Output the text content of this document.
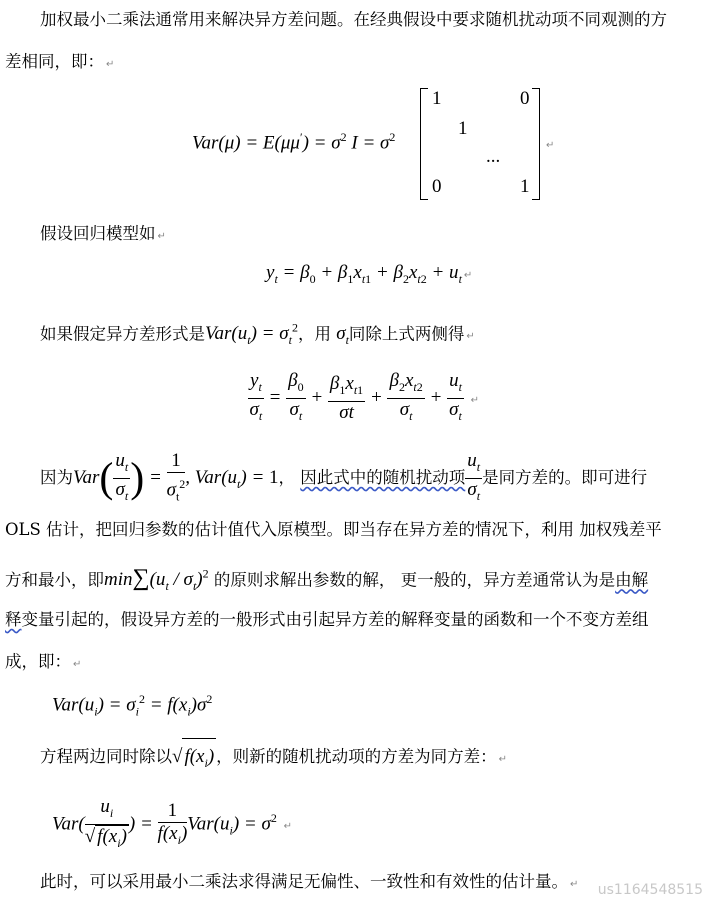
加权最小二乘法通常用来解决异方差问题。在经典假设中要求随机扰动项不同观测的方
差相同，即： ↵
$Var(\mu) = E(\mu\mu') = \sigma^2$ $I = \sigma^2$
1	0
1
...
0	1
↵
假设回归模型如 ↵
$y_t = \beta_0 + \beta_1x_{t1} + \beta_2x_{t2} + u_t$ ↵
如果假定异方差形式是$Var(u_t) = \sigma_t^2$，用 $\sigma_t$同除上式两侧得 ↵
$\frac{y_t}{\sigma_t} = \frac{\beta_0}{\sigma_t} + \frac{\beta_1x_{t1}}{\sigma t} + \frac{\beta_2x_{t2}}{\sigma_t} + \frac{u_t}{\sigma_t}$ ↵
因为$Var( \frac{u_t}{\sigma_t}$ ) = $\frac{1}{\sigma_t^2}$ , $Var(u_t) = 1$， 因此式中的随机扰动项 $\frac{u_t}{\sigma_t}$ 是同方差的。即可进行
OLS 估计，把回归参数的估计值代入原模型。即当存在异方差的情况下，利用 加权残差平
方和最小，即$\min\sum(u_t / \sigma_t)^2$ 的原则求解出参数的解， 更一般的，异方差通常认为是由解
释变量引起的，假设异方差的一般形式由引起异方差的解释变量的函数和一个不变方差组
成，即： ↵
$Var(u_i) = \sigma_i^2 = f(x_i)\sigma^2$
方程两边同时除以√ $f(x_i)$ ，则新的随机扰动项的方差为同方差： ↵
$Var( \frac{u_i}{√ f(x_i)}$ ) = $\frac{1}{f(x_i)} Var(u_i) = \sigma^2$ ↵
此时，可以采用最小二乘法求得满足无偏性、一致性和有效性的估计量。 ↵ us1164548515
